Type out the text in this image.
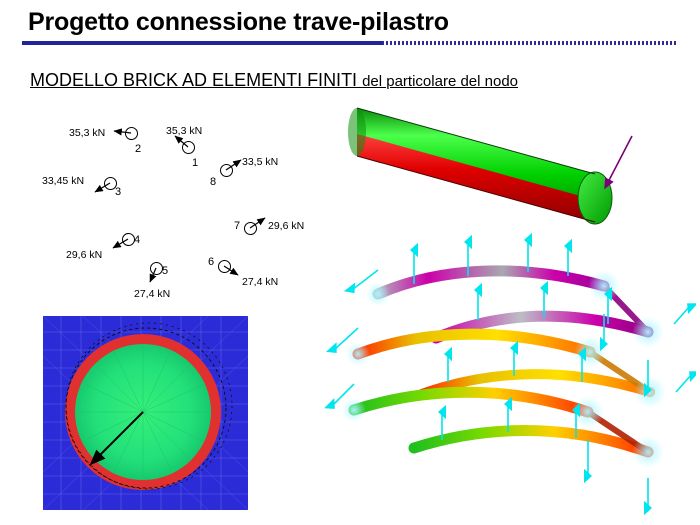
Progetto connessione trave-pilastro
MODELLO BRICK AD ELEMENTI FINITI del particolare del nodo
1
35,3 kN
2
35,3 kN
3
33,45 kN
4
29,6 kN
5
27,4 kN
6
27,4 kN
7	29,6 kN
8
33,5 kN
